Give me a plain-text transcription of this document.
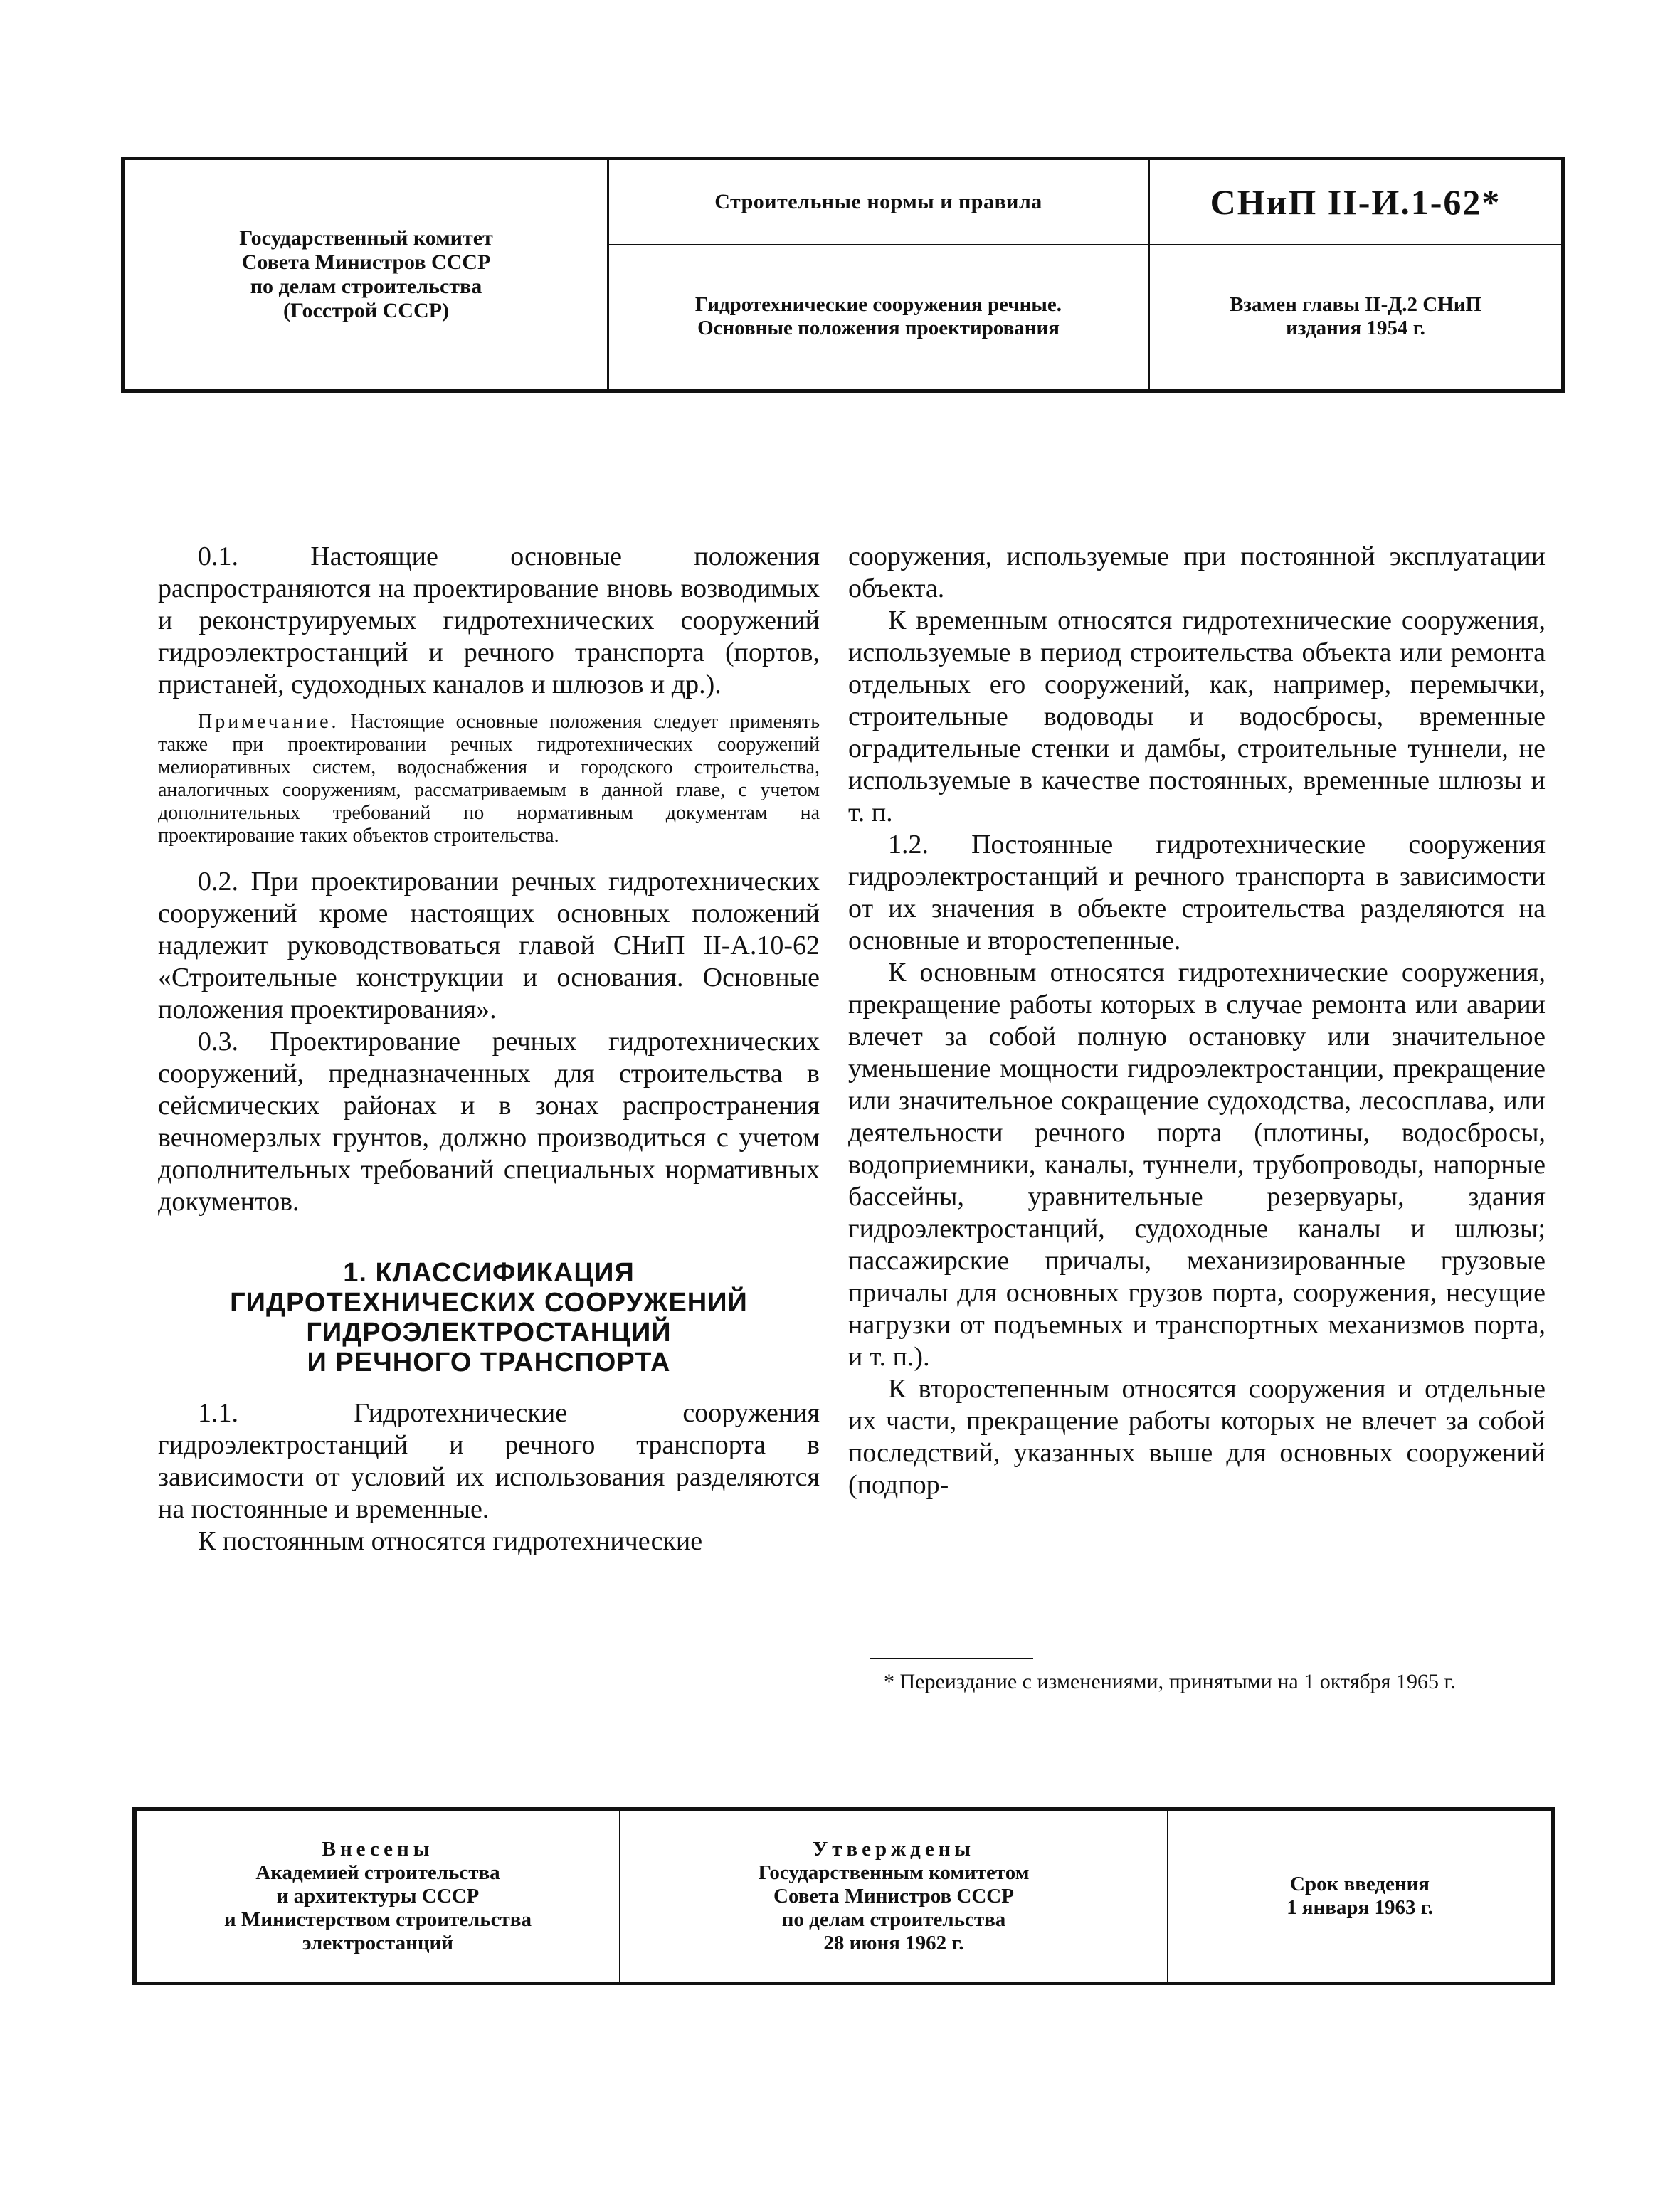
Государственный комитет
Совета Министров СССР
по делам строительства
(Госстрой СССР)
Строительные нормы и правила
Гидротехнические сооружения речные.
Основные положения проектирования
СНиП II-И.1-62*
Взамен главы II-Д.2 СНиП
издания 1954 г.

0.1. Настоящие основные положения распространяются на проектирование вновь возводимых и реконструируемых гидротехнических сооружений гидроэлектростанций и речного транспорта (портов, пристаней, судоходных каналов и шлюзов и др.).

Примечание. Настоящие основные положения следует применять также при проектировании речных гидротехнических сооружений мелиоративных систем, водоснабжения и городского строительства, аналогичных сооружениям, рассматриваемым в данной главе, с учетом дополнительных требований по нормативным документам на проектирование таких объектов строительства.

0.2. При проектировании речных гидротехнических сооружений кроме настоящих основных положений надлежит руководствоваться главой СНиП II-А.10-62 «Строительные конструкции и основания. Основные положения проектирования».

0.3. Проектирование речных гидротехнических сооружений, предназначенных для строительства в сейсмических районах и в зонах распространения вечномерзлых грунтов, должно производиться с учетом дополнительных требований специальных нормативных документов.

1. КЛАССИФИКАЦИЯ
ГИДРОТЕХНИЧЕСКИХ СООРУЖЕНИЙ
ГИДРОЭЛЕКТРОСТАНЦИЙ
И РЕЧНОГО ТРАНСПОРТА

1.1. Гидротехнические сооружения гидроэлектростанций и речного транспорта в зависимости от условий их использования разделяются на постоянные и временные.

К постоянным относятся гидротехнические

сооружения, используемые при постоянной эксплуатации объекта.

К временным относятся гидротехнические сооружения, используемые в период строительства объекта или ремонта отдельных его сооружений, как, например, перемычки, строительные водоводы и водосбросы, временные оградительные стенки и дамбы, строительные туннели, не используемые в качестве постоянных, временные шлюзы и т. п.

1.2. Постоянные гидротехнические сооружения гидроэлектростанций и речного транспорта в зависимости от их значения в объекте строительства разделяются на основные и второстепенные.

К основным относятся гидротехнические сооружения, прекращение работы которых в случае ремонта или аварии влечет за собой полную остановку или значительное уменьшение мощности гидроэлектростанции, прекращение или значительное сокращение судоходства, лесосплава, или деятельности речного порта (плотины, водосбросы, водоприемники, каналы, туннели, трубопроводы, напорные бассейны, уравнительные резервуары, здания гидроэлектростанций, судоходные каналы и шлюзы; пассажирские причалы, механизированные грузовые причалы для основных грузов порта, сооружения, несущие нагрузки от подъемных и транспортных механизмов порта, и т. п.).

К второстепенным относятся сооружения и отдельные их части, прекращение работы которых не влечет за собой последствий, указанных выше для основных сооружений (подпор-

* Переиздание с изменениями, принятыми на 1 октября 1965 г.

Внесены
Академией строительства
и архитектуры СССР
и Министерством строительства
электростанций
Утверждены
Государственным комитетом
Совета Министров СССР
по делам строительства
28 июня 1962 г.
Срок введения
1 января 1963 г.
